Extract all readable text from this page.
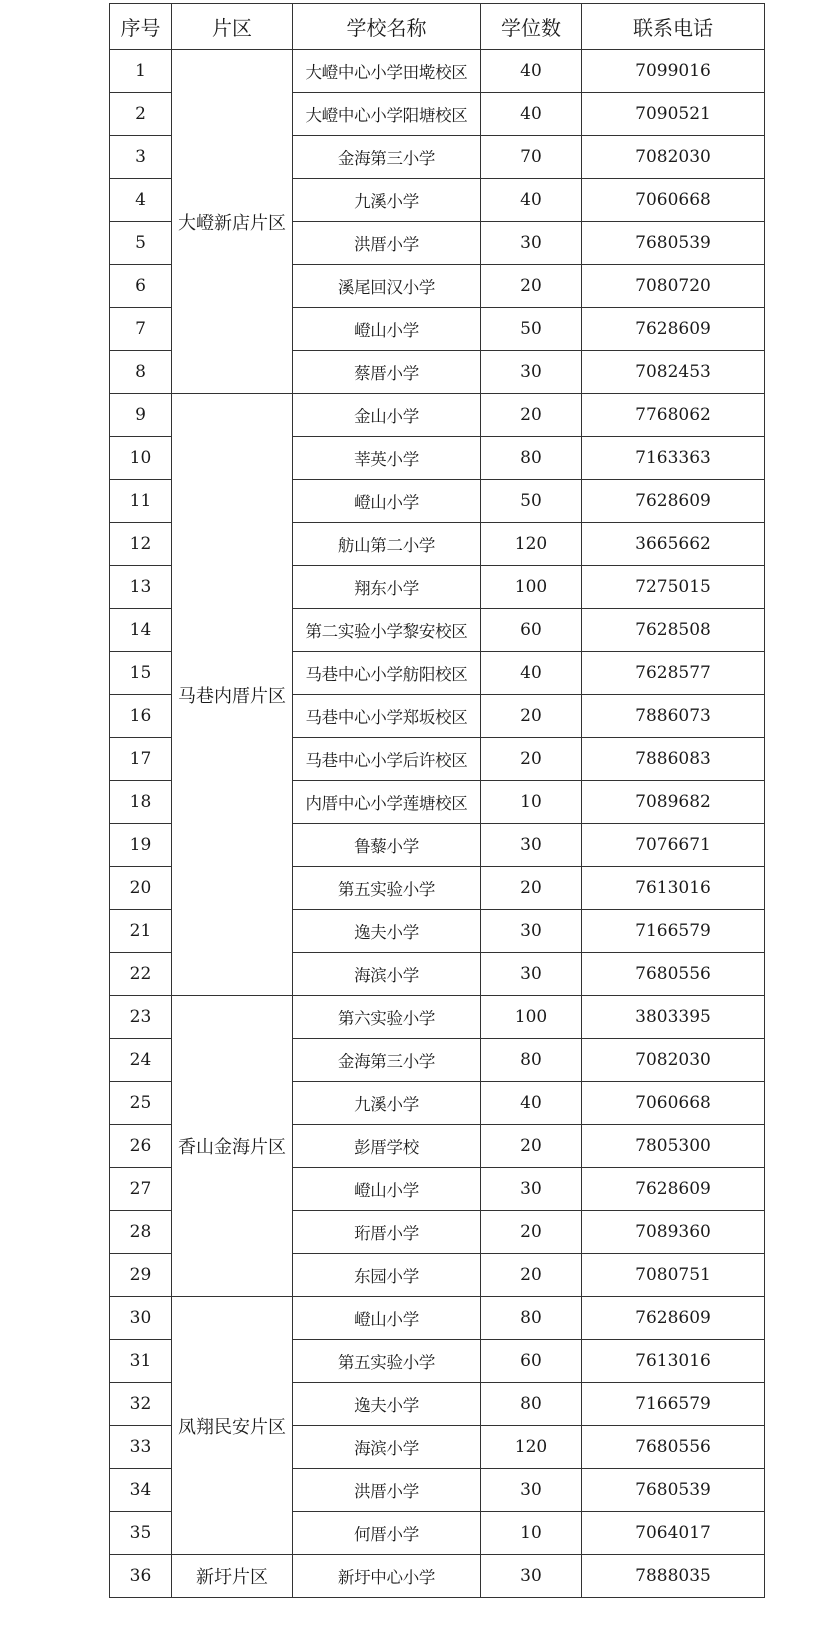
序号	片区	学校名称	学位数	联系电话
1	大嶝新店片区	大嶝中心小学田墘校区	40	7099016
2		大嶝中心小学阳塘校区	40	7090521
3		金海第三小学	70	7082030
4		九溪小学	40	7060668
5		洪厝小学	30	7680539
6		溪尾回汉小学	20	7080720
7		嶝山小学	50	7628609
8		蔡厝小学	30	7082453
9	马巷内厝片区	金山小学	20	7768062
10		莘英小学	80	7163363
11		嶝山小学	50	7628609
12		舫山第二小学	120	3665662
13		翔东小学	100	7275015
14		第二实验小学黎安校区	60	7628508
15		马巷中心小学舫阳校区	40	7628577
16		马巷中心小学郑坂校区	20	7886073
17		马巷中心小学后许校区	20	7886083
18		内厝中心小学莲塘校区	10	7089682
19		鲁藜小学	30	7076671
20		第五实验小学	20	7613016
21		逸夫小学	30	7166579
22		海滨小学	30	7680556
23	香山金海片区	第六实验小学	100	3803395
24		金海第三小学	80	7082030
25		九溪小学	40	7060668
26		彭厝学校	20	7805300
27		嶝山小学	30	7628609
28		珩厝小学	20	7089360
29		东园小学	20	7080751
30	凤翔民安片区	嶝山小学	80	7628609
31		第五实验小学	60	7613016
32		逸夫小学	80	7166579
33		海滨小学	120	7680556
34		洪厝小学	30	7680539
35		何厝小学	10	7064017
36	新圩片区	新圩中心小学	30	7888035
